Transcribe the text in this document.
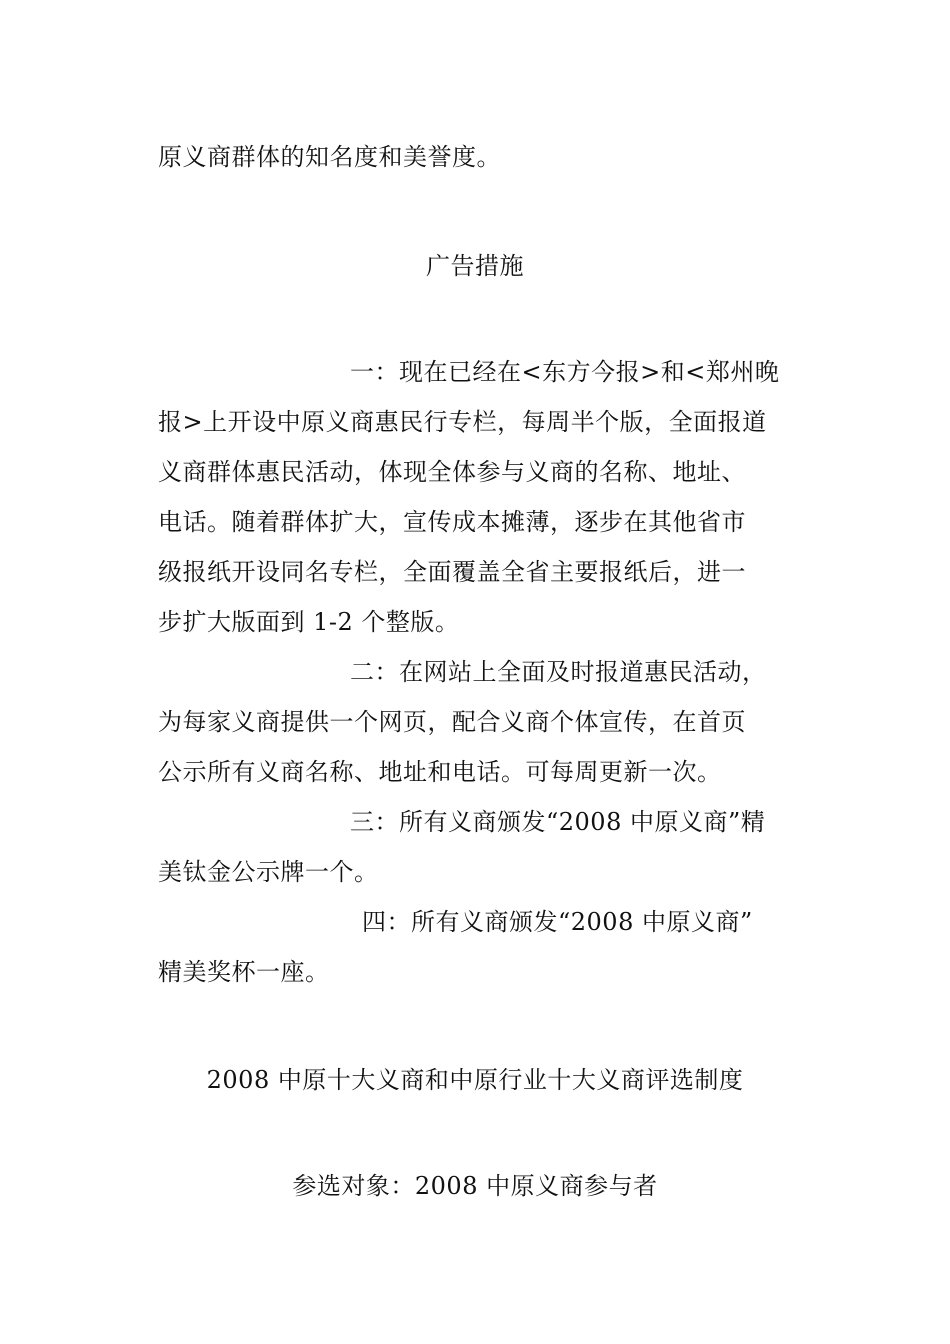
原义商群体的知名度和美誉度。
广告措施
一：现在已经在<东方今报>和<郑州晚
报>上开设中原义商惠民行专栏，每周半个版，全面报道
义商群体惠民活动，体现全体参与义商的名称、地址、
电话。随着群体扩大，宣传成本摊薄，逐步在其他省市
级报纸开设同名专栏，全面覆盖全省主要报纸后，进一
步扩大版面到 1-2 个整版。
二：在网站上全面及时报道惠民活动，
为每家义商提供一个网页，配合义商个体宣传，在首页
公示所有义商名称、地址和电话。可每周更新一次。
三：所有义商颁发“2008 中原义商”精
美钛金公示牌一个。
四：所有义商颁发“2008 中原义商”
精美奖杯一座。
2008 中原十大义商和中原行业十大义商评选制度
参选对象：2008 中原义商参与者
